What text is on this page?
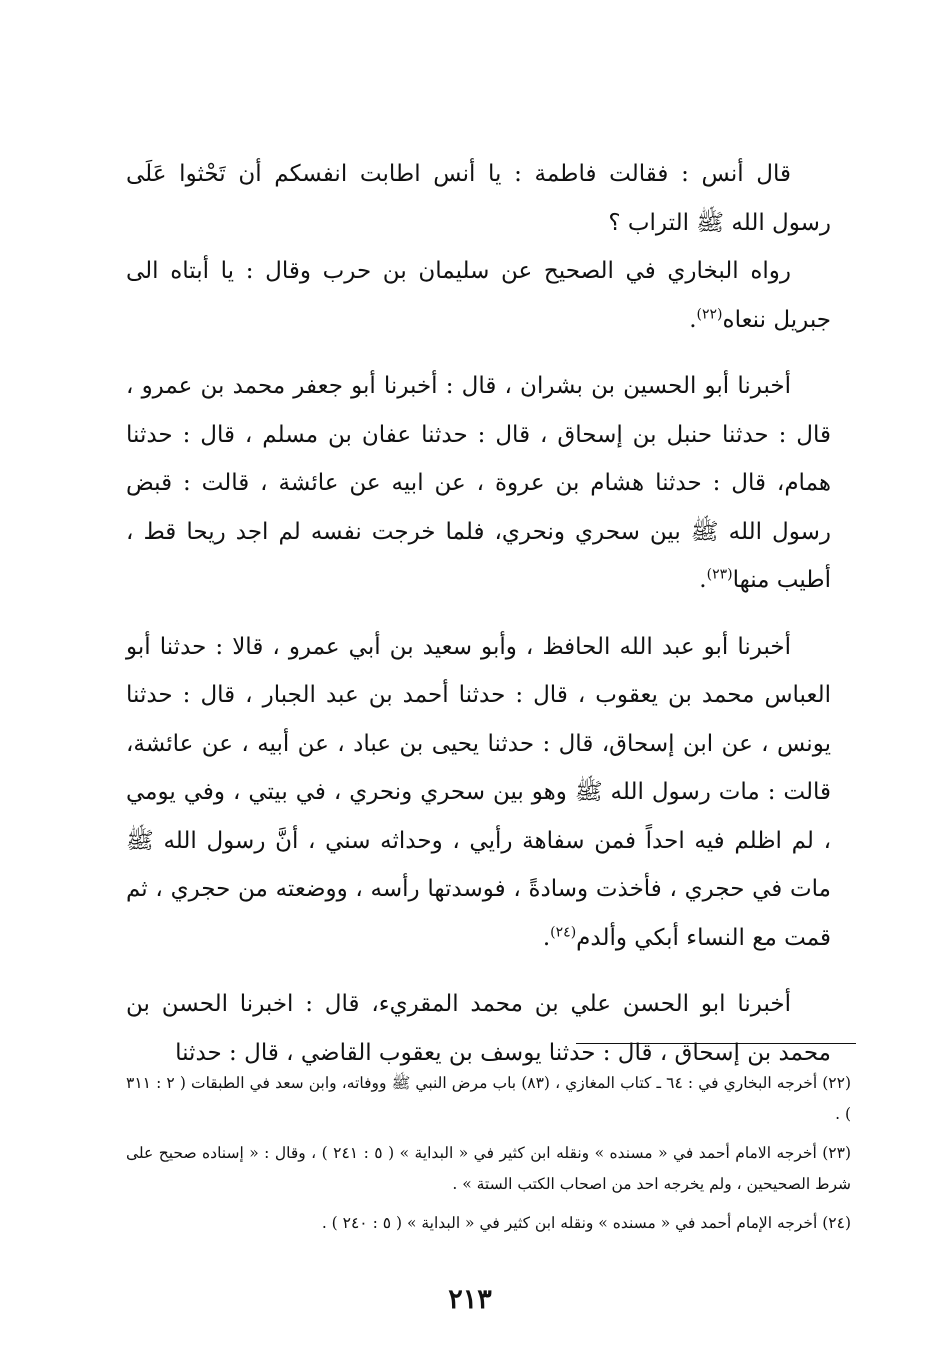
قال أنس : فقالت فاطمة : يا أنس اطابت انفسكم أن تَحْثوا عَلَى رسول الله ﷺ التراب ؟

رواه البخاري في الصحيح عن سليمان بن حرب وقال : يا أبتاه الى جبريل ننعاه$^{(٢٢)}$.

أخبرنا أبو الحسين بن بشران ، قال : أخبرنا أبو جعفر محمد بن عمرو ، قال : حدثنا حنبل بن إسحاق ، قال : حدثنا عفان بن مسلم ، قال : حدثنا همام، قال : حدثنا هشام بن عروة ، عن ابيه عن عائشة ، قالت : قبض رسول الله ﷺ بين سحري ونحري، فلما خرجت نفسه لم اجد ريحا قط ، أطيب منها$^{(٢٣)}$.

أخبرنا أبو عبد الله الحافظ ، وأبو سعيد بن أبي عمرو ، قالا : حدثنا أبو العباس محمد بن يعقوب ، قال : حدثنا أحمد بن عبد الجبار ، قال : حدثنا يونس ، عن ابن إسحاق، قال : حدثنا يحيى بن عباد ، عن أبيه ، عن عائشة، قالت : مات رسول الله ﷺ وهو بين سحري ونحري ، في بيتي ، وفي يومي ، لم اظلم فيه احداً فمن سفاهة رأيي ، وحداثه سني ، أنَّ رسول الله ﷺ مات في حجري ، فأخذت وسادةً ، فوسدتها رأسه ، ووضعته من حجري ، ثم قمت مع النساء أبكي وألدم$^{(٢٤)}$.

أخبرنا ابو الحسن علي بن محمد المقريء، قال : اخبرنا الحسن بن محمد بن إسحاق ، قال : حدثنا يوسف بن يعقوب القاضي ، قال : حدثنا

(٢٢) أخرجه البخاري في : ٦٤ ـ كتاب المغازي ، (٨٣) باب مرض النبي ﷺ ووفاته، وابن سعد في الطبقات ( ٢ : ٣١١ ) .

(٢٣) أخرجه الامام أحمد في « مسنده » ونقله ابن كثير في « البداية » ( ٥ : ٢٤١ ) ، وقال : « إسناده صحيح على شرط الصحيحين ، ولم يخرجه احد من اصحاب الكتب الستة » .

(٢٤) أخرجه الإمام أحمد في « مسنده » ونقله ابن كثير في « البداية » ( ٥ : ٢٤٠ ) .

٢١٣
